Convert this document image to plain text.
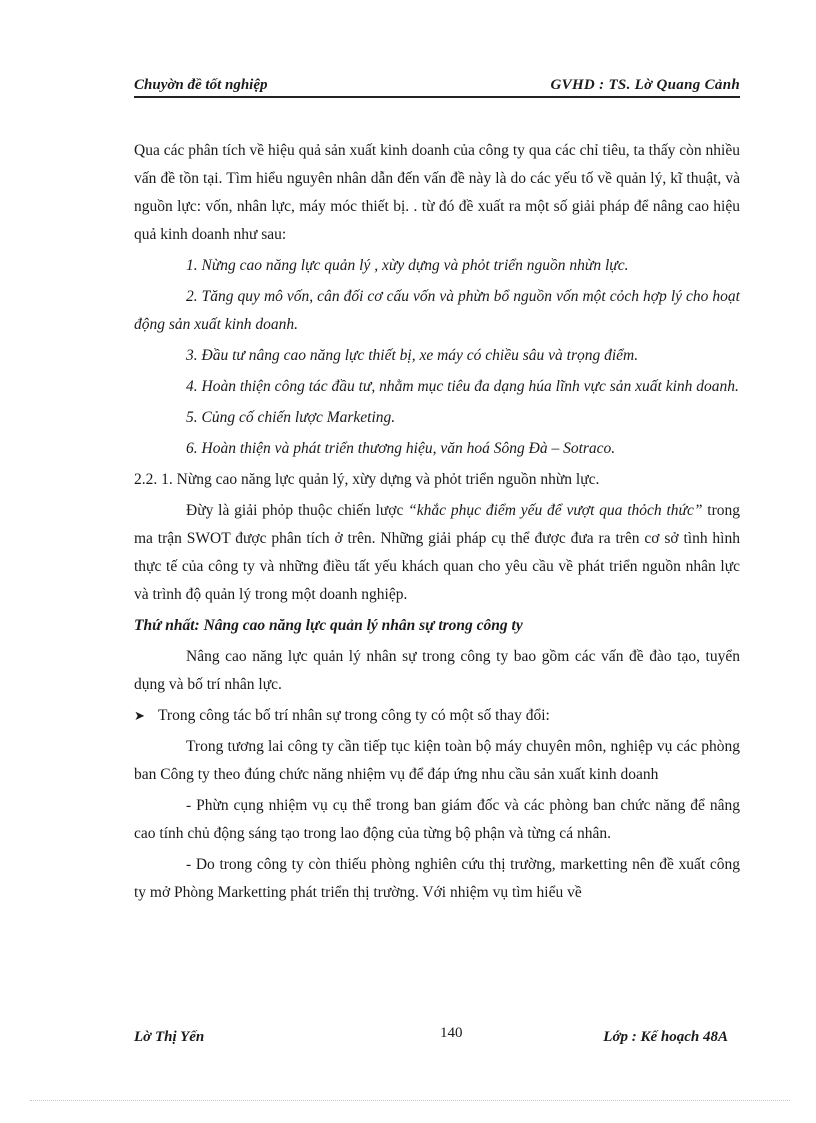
Chuyờn đề tốt nghiệp	GVHD : TS. Lờ Quang Cảnh

Qua các phân tích về hiệu quả sản xuất kinh doanh của công ty qua các chỉ tiêu, ta thấy còn nhiều vấn đề tồn tại. Tìm hiểu nguyên nhân dẫn đến vấn đề này là do các yếu tố về quản lý, kĩ thuật, và nguồn lực: vốn, nhân lực, máy móc thiết bị. . từ đó đề xuất ra một số giải pháp để nâng cao hiệu quả kinh doanh như sau:

1. Nừng cao năng lực quản lý , xừy dựng và phỏt triển nguồn nhừn lực.

2. Tăng quy mô vốn, cân đối cơ cấu vốn và phừn bổ nguồn vốn một cỏch hợp lý cho hoạt động sản xuất kinh doanh.

3. Đầu tư nâng cao năng lực thiết bị, xe máy có chiều sâu và trọng điểm.

4. Hoàn thiện công tác đầu tư, nhằm mục tiêu đa dạng húa lĩnh vực sản xuất kinh doanh.

5. Củng cố chiến lược Marketing.

6. Hoàn thiện và phát triển thương hiệu, văn hoá Sông Đà – Sotraco.

2.2. 1. Nừng cao năng lực quản lý, xừy dựng và phỏt triển nguồn nhừn lực.

Đừy là giải phỏp thuộc chiến lược “khắc phục điểm yếu để vượt qua thỏch thức” trong ma trận SWOT được phân tích ở trên. Những giải pháp cụ thể được đưa ra trên cơ sở tình hình thực tế của công ty và những điều tất yếu khách quan cho yêu cầu về phát triển nguồn nhân lực và trình độ quản lý trong một doanh nghiệp.

Thứ nhất: Nâng cao năng lực quản lý nhân sự trong công ty

Nâng cao năng lực quản lý nhân sự trong công ty bao gồm các vấn đề đào tạo, tuyển dụng và bố trí nhân lực.

➤ Trong công tác bố trí nhân sự trong công ty có một số thay đổi:

Trong tương lai công ty cần tiếp tục kiện toàn bộ máy chuyên môn, nghiệp vụ các phòng ban Công ty theo đúng chức năng nhiệm vụ để đáp ứng nhu cầu sản xuất kinh doanh

- Phừn cụng nhiệm vụ cụ thể trong ban giám đốc và các phòng ban chức năng để nâng cao tính chủ động sáng tạo trong lao động của từng bộ phận và từng cá nhân.

- Do trong công ty còn thiếu phòng nghiên cứu thị trường, marketting nên đề xuất công ty mở Phòng Marketting phát triển thị trường. Với nhiệm vụ tìm hiểu về

Lờ Thị Yến	140	Lớp : Kế hoạch 48A
